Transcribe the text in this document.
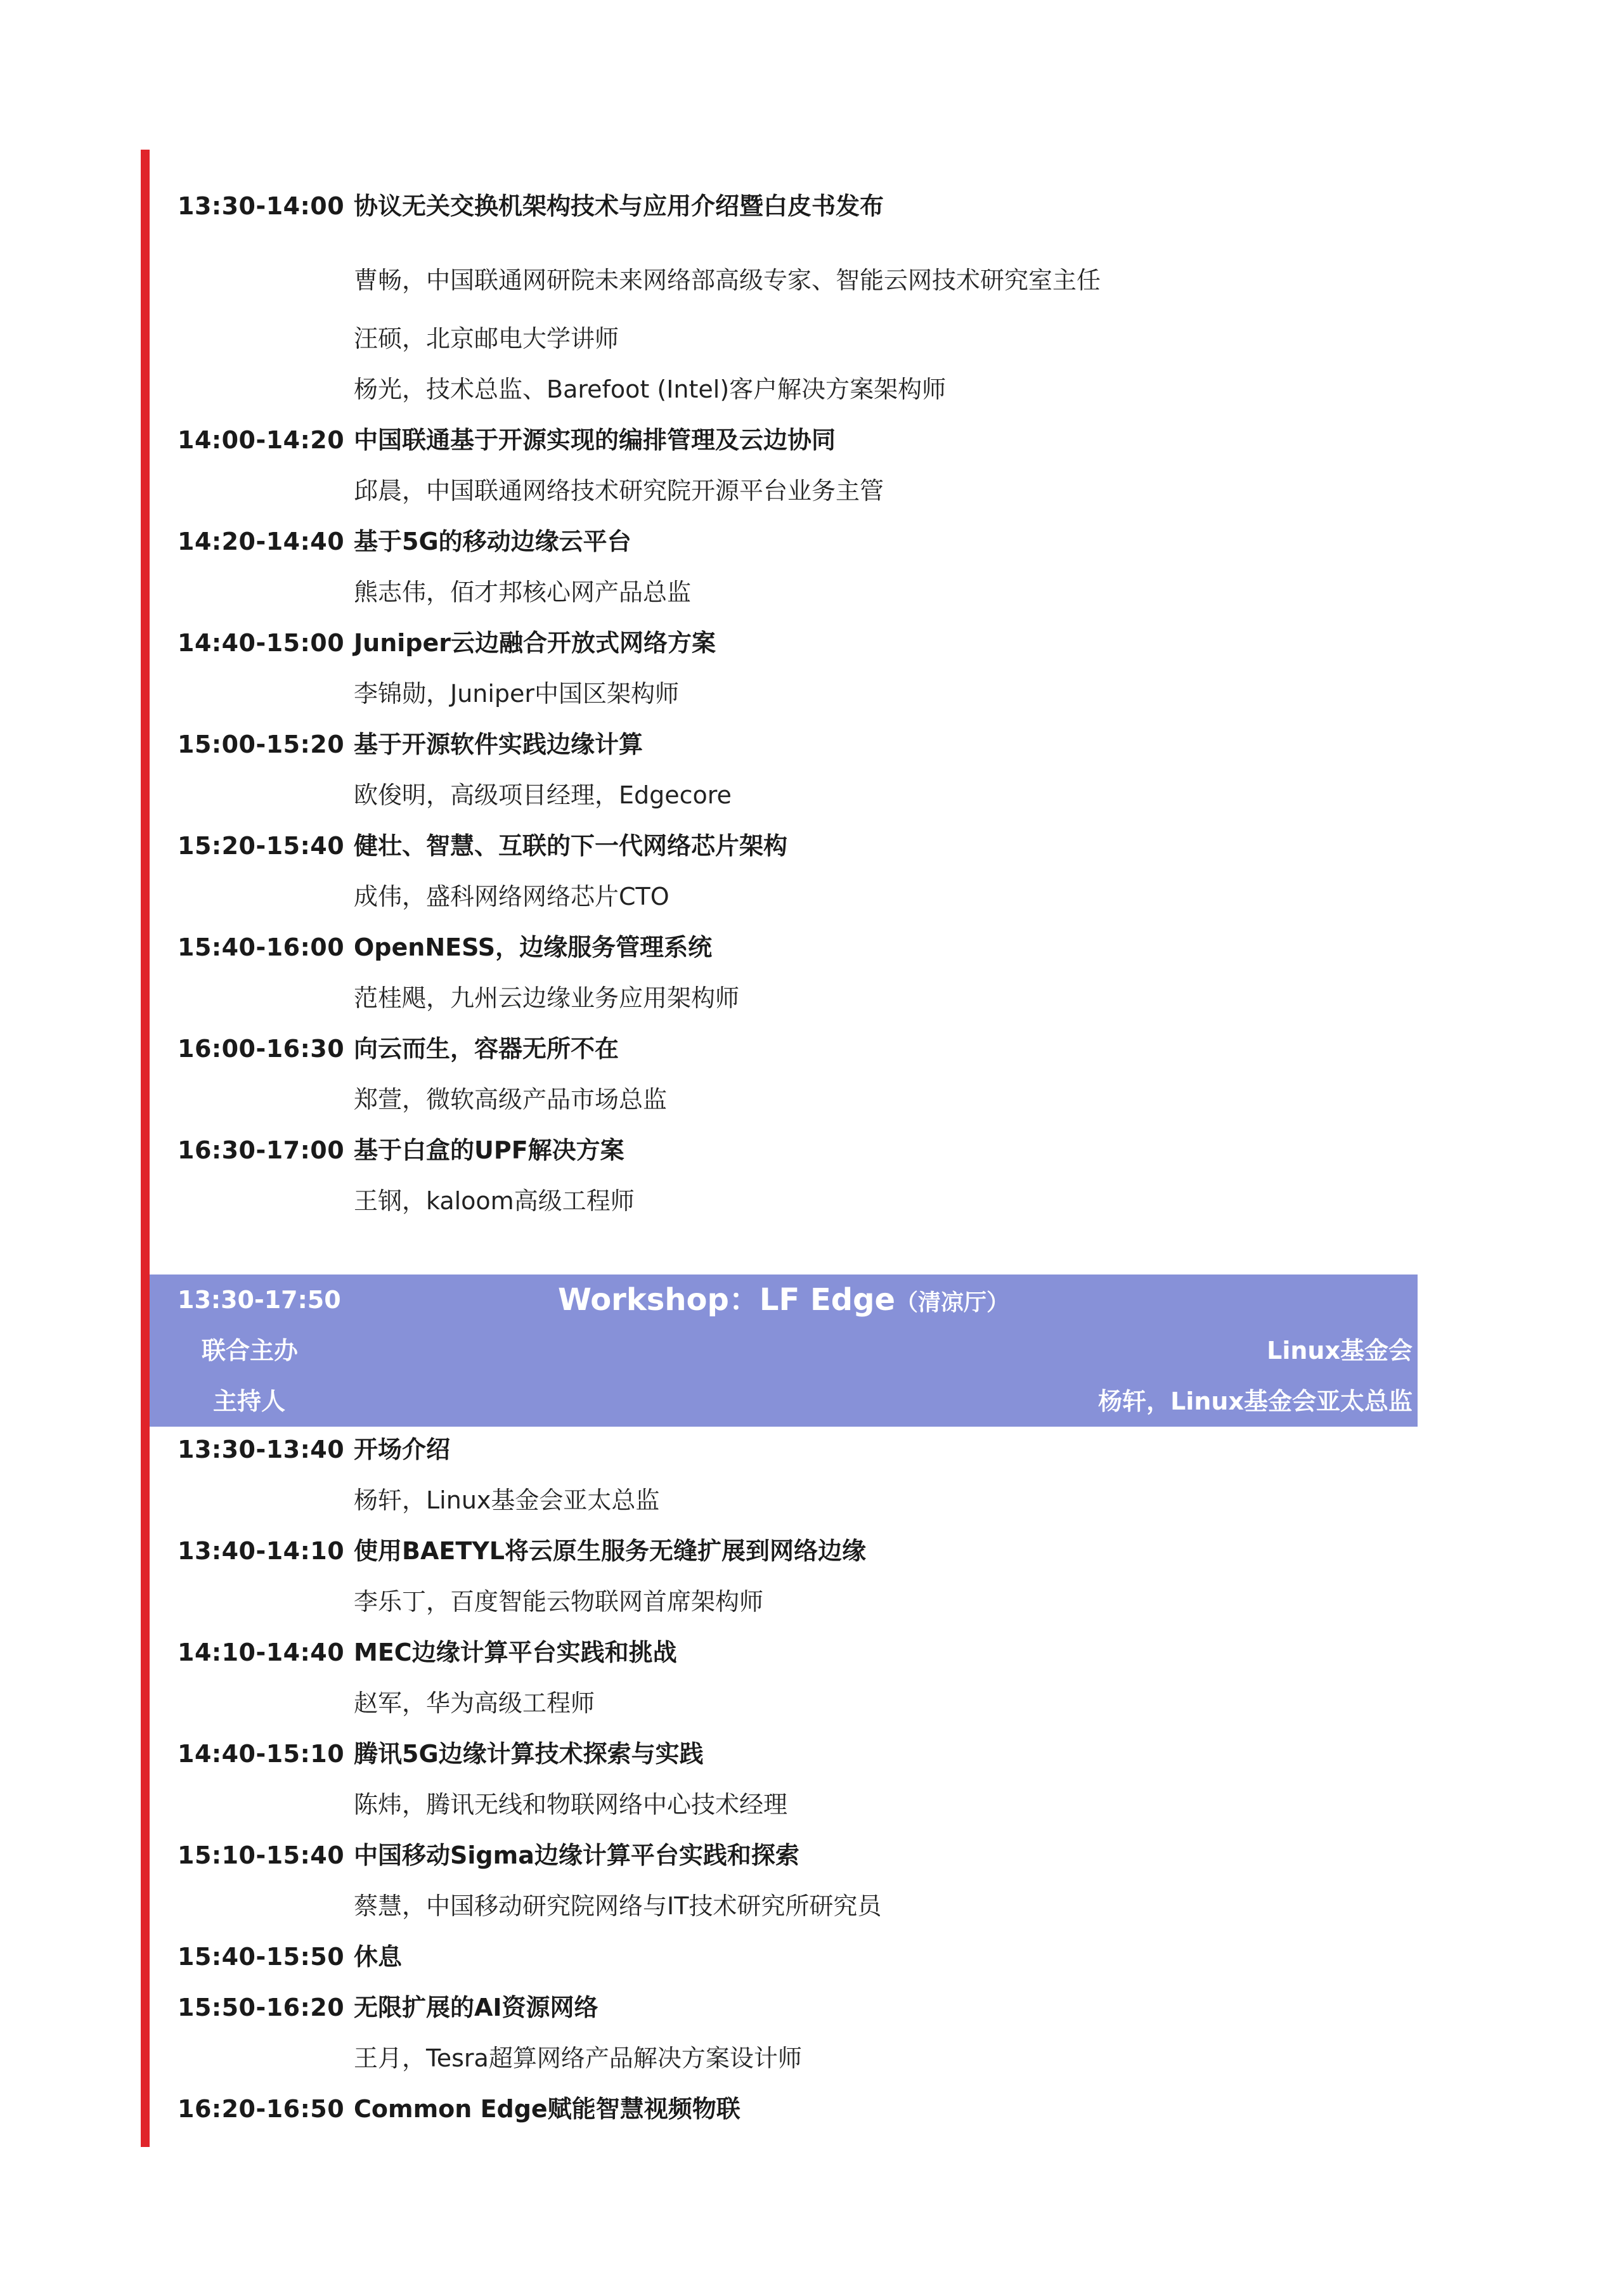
13:30-14:00 协议无关交换机架构技术与应用介绍暨白皮书发布
曹畅，中国联通网研院未来网络部高级专家、智能云网技术研究室主任
汪硕，北京邮电大学讲师
杨光，技术总监、Barefoot (Intel)客户解决方案架构师
14:00-14:20 中国联通基于开源实现的编排管理及云边协同
邱晨，中国联通网络技术研究院开源平台业务主管
14:20-14:40 基于5G的移动边缘云平台
熊志伟，佰才邦核心网产品总监
14:40-15:00 Juniper云边融合开放式网络方案
李锦勋，Juniper中国区架构师
15:00-15:20 基于开源软件实践边缘计算
欧俊明，高级项目经理，Edgecore
15:20-15:40 健壮、智慧、互联的下一代网络芯片架构
成伟，盛科网络网络芯片CTO
15:40-16:00 OpenNESS，边缘服务管理系统
范桂飓，九州云边缘业务应用架构师
16:00-16:30 向云而生，容器无所不在
郑萱，微软高级产品市场总监
16:30-17:00 基于白盒的UPF解决方案
王钢，kaloom高级工程师
13:30-17:50	Workshop：LF Edge（清凉厅）
联合主办	Linux基金会
主持人	杨轩，Linux基金会亚太总监
13:30-13:40 开场介绍
杨轩，Linux基金会亚太总监
13:40-14:10 使用BAETYL将云原生服务无缝扩展到网络边缘
李乐丁，百度智能云物联网首席架构师
14:10-14:40 MEC边缘计算平台实践和挑战
赵军，华为高级工程师
14:40-15:10 腾讯5G边缘计算技术探索与实践
陈炜，腾讯无线和物联网络中心技术经理
15:10-15:40 中国移动Sigma边缘计算平台实践和探索
蔡慧，中国移动研究院网络与IT技术研究所研究员
15:40-15:50 休息
15:50-16:20 无限扩展的AI资源网络
王月，Tesra超算网络产品解决方案设计师
16:20-16:50 Common Edge赋能智慧视频物联
